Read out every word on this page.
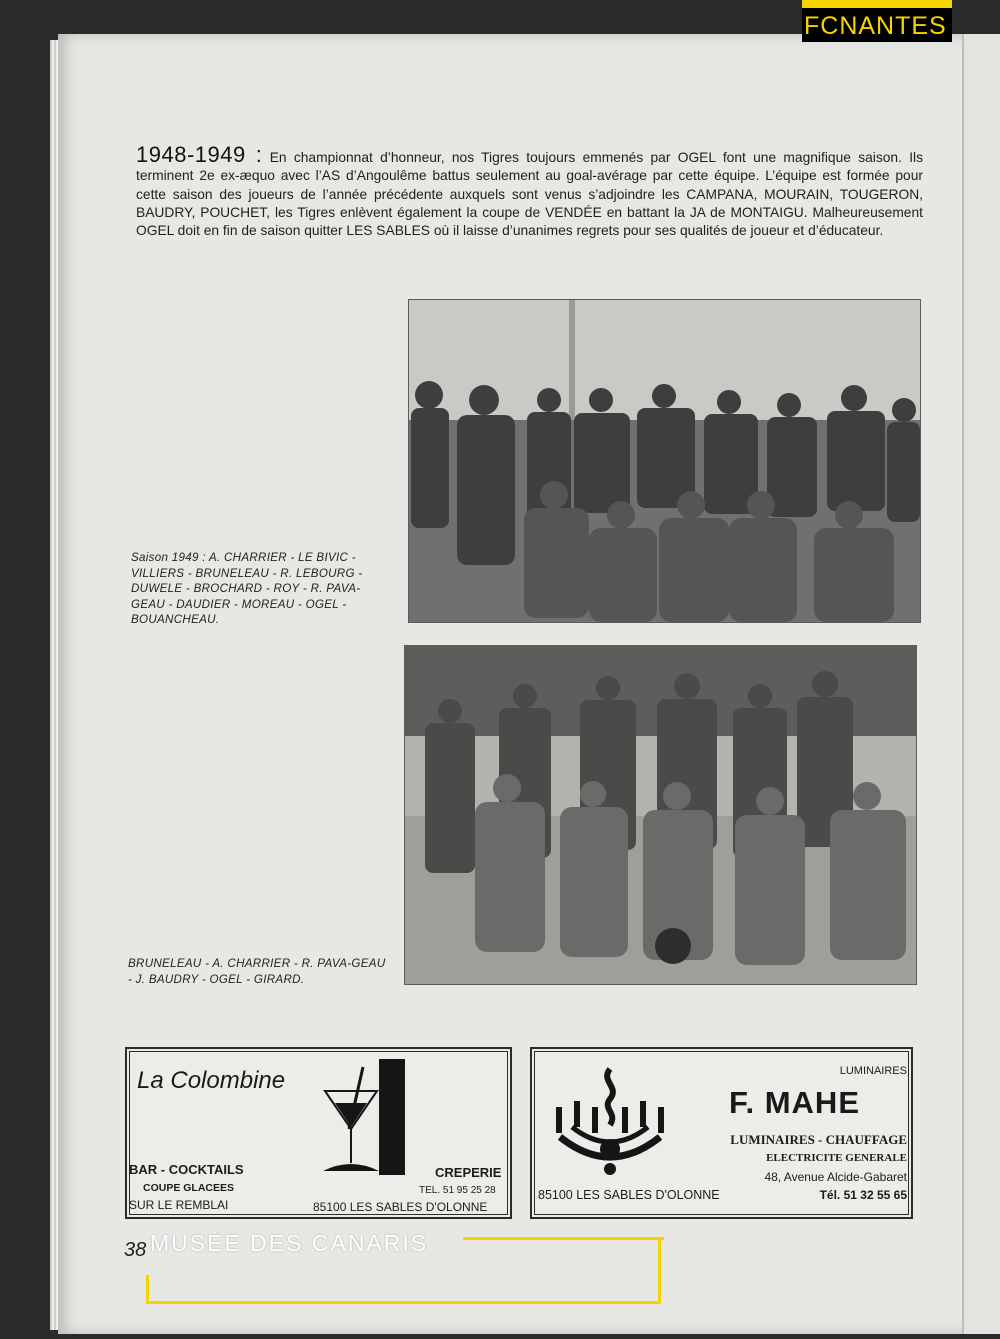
FCNANTES
1948-1949 : En championnat d’honneur, nos Tigres toujours emmenés par OGEL font une magnifique saison. Ils terminent 2e ex-æquo avec l’AS d’Angoulême battus seulement au goal-avérage par cette équipe. L’équipe est formée pour cette saison des joueurs de l’année précédente auxquels sont venus s’adjoindre les CAMPANA, MOURAIN, TOUGERON, BAUDRY, POUCHET, les Tigres enlèvent également la coupe de VENDÉE en battant la JA de MONTAIGU. Malheureusement OGEL doit en fin de saison quitter LES SABLES où il laisse d’unanimes regrets pour ses qualités de joueur et d’éducateur.
Saison 1949 : A. CHARRIER - LE BIVIC - VILLIERS - BRUNELEAU - R. LEBOURG - DUWELE - BROCHARD - ROY - R. PAVA-GEAU - DAUDIER - MOREAU - OGEL - BOUANCHEAU.
BRUNELEAU - A. CHARRIER - R. PAVA-GEAU - J. BAUDRY - OGEL - GIRARD.
La Colombine
BAR - COCKTAILS
COUPE GLACEES
SUR LE REMBLAI
CREPERIE
TEL. 51 95 25 28
85100 LES SABLES D'OLONNE
LUMINAIRES
F. MAHE
LUMINAIRES - CHAUFFAGE
ELECTRICITE GENERALE
48, Avenue Alcide-Gabaret
85100 LES SABLES D'OLONNE	Tél. 51 32 55 65
38 MUSÉE DES CANARIS
